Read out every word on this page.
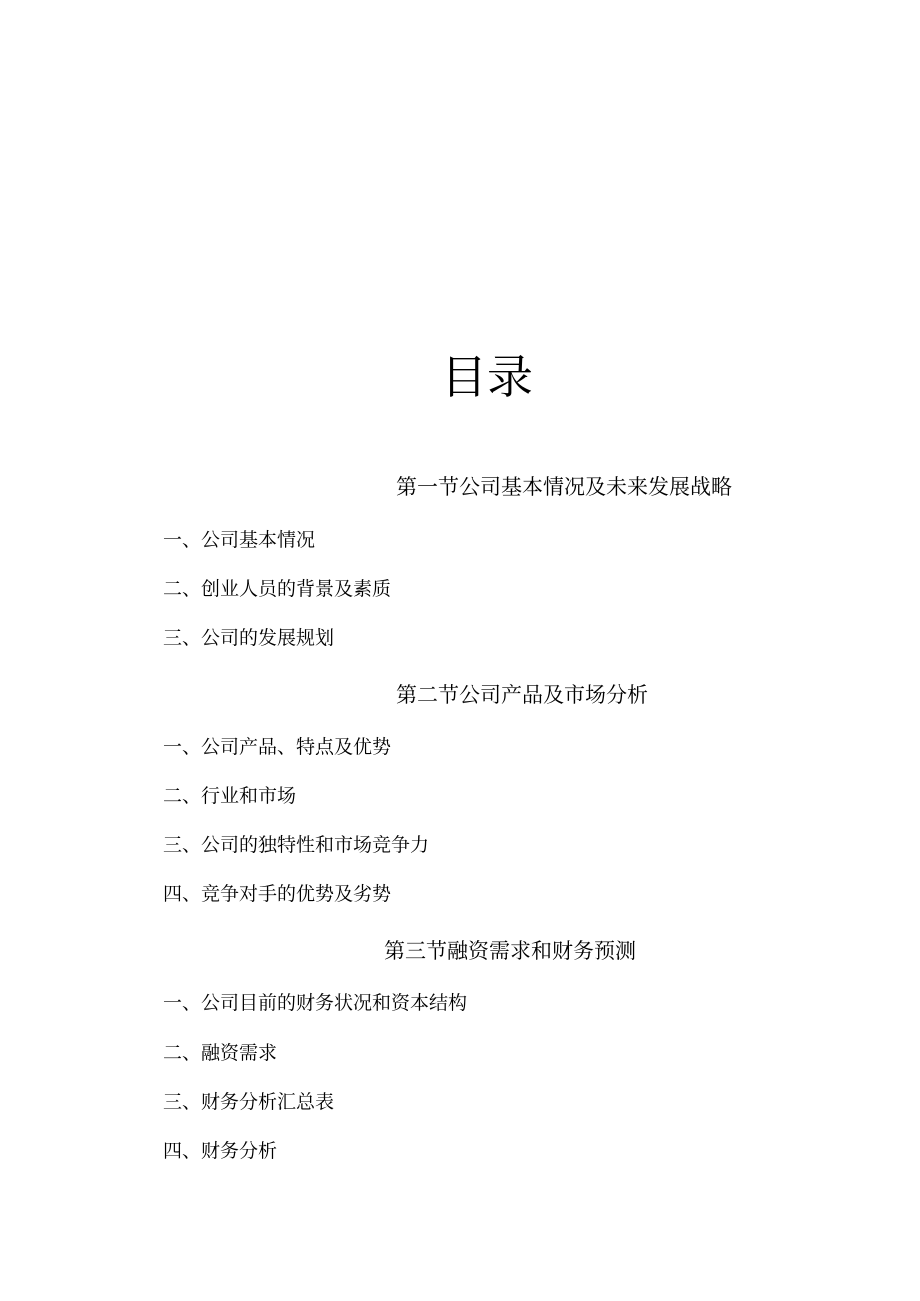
目录
第一节公司基本情况及未来发展战略

一、公司基本情况

二、创业人员的背景及素质

三、公司的发展规划

第二节公司产品及市场分析

一、公司产品、特点及优势

二、行业和市场

三、公司的独特性和市场竞争力

四、竞争对手的优势及劣势

第三节融资需求和财务预测

一、公司目前的财务状况和资本结构

二、融资需求

三、财务分析汇总表

四、财务分析
